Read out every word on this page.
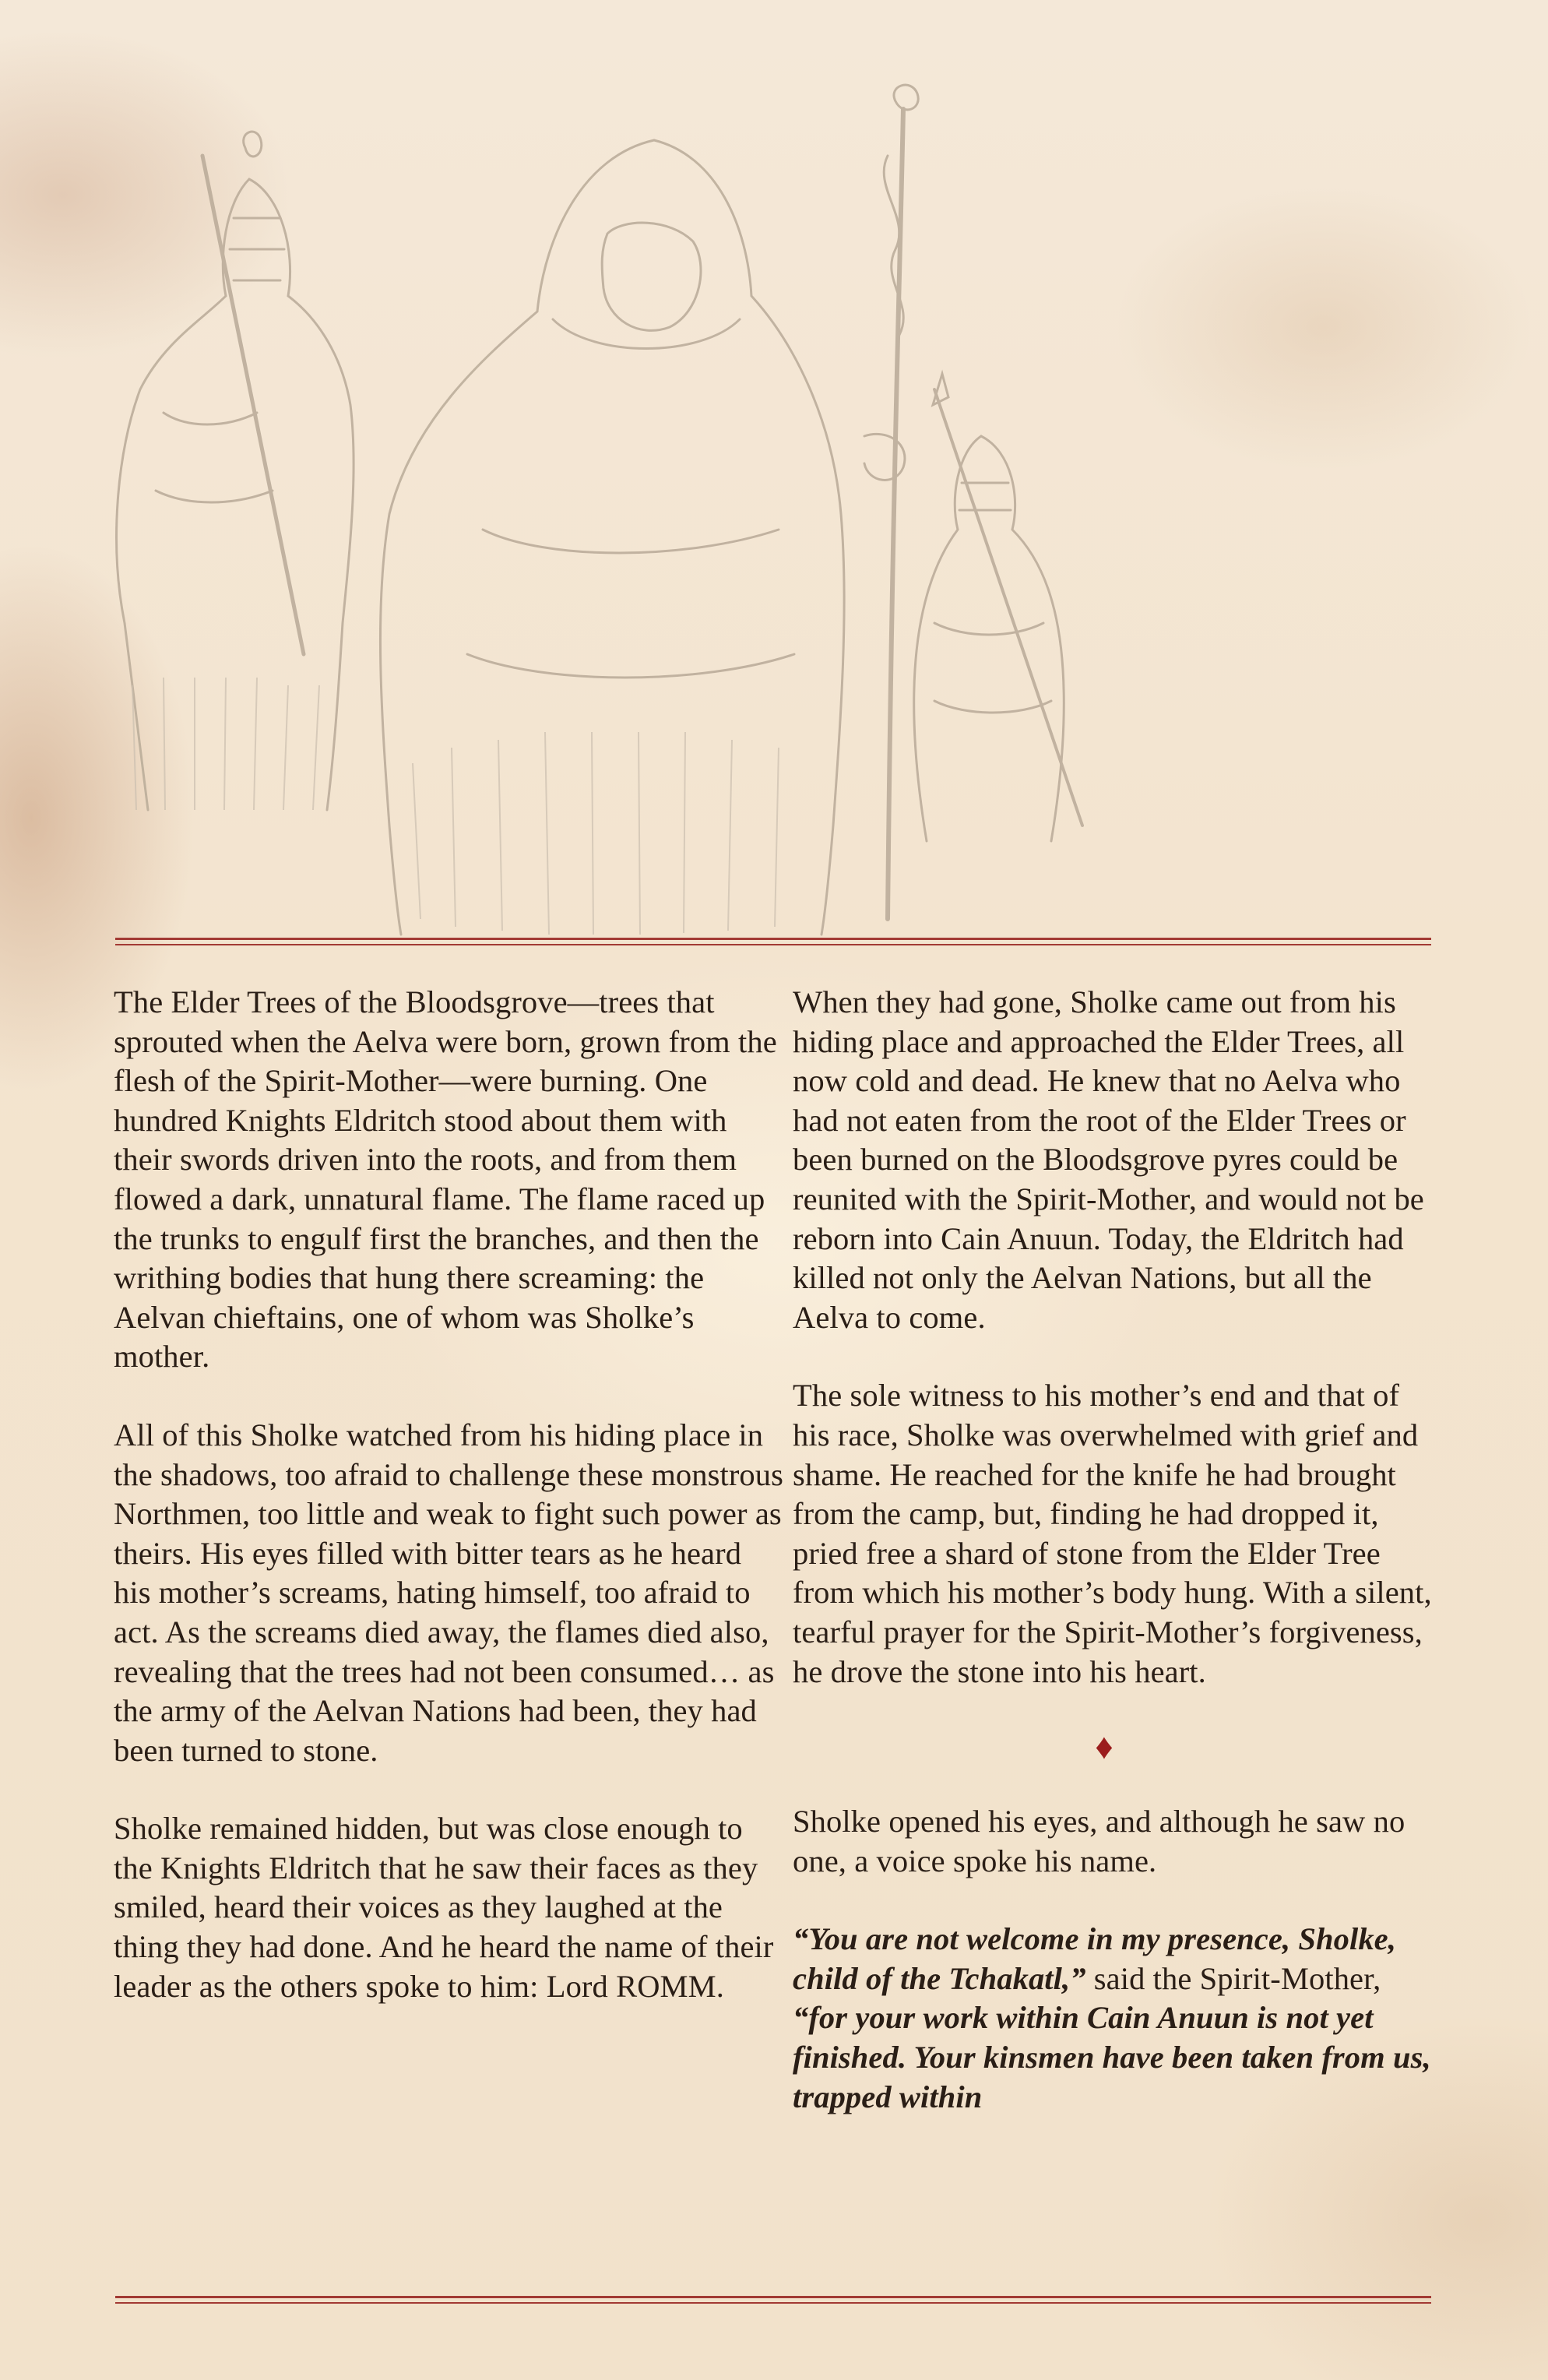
The Elder Trees of the Bloodsgrove—trees that sprouted when the Aelva were born, grown from the flesh of the Spirit-Mother—were burning. One hundred Knights Eldritch stood about them with their swords driven into the roots, and from them flowed a dark, unnatural flame. The flame raced up the trunks to engulf first the branches, and then the writhing bodies that hung there screaming: the Aelvan chieftains, one of whom was Sholke’s mother.

All of this Sholke watched from his hiding place in the shadows, too afraid to challenge these monstrous Northmen, too little and weak to fight such power as theirs. His eyes filled with bitter tears as he heard his mother’s screams, hating himself, too afraid to act. As the screams died away, the flames died also, revealing that the trees had not been consumed… as the army of the Aelvan Nations had been, they had been turned to stone.

Sholke remained hidden, but was close enough to the Knights Eldritch that he saw their faces as they smiled, heard their voices as they laughed at the thing they had done. And he heard the name of their leader as the others spoke to him: Lord ROMM.

When they had gone, Sholke came out from his hiding place and approached the Elder Trees, all now cold and dead. He knew that no Aelva who had not eaten from the root of the Elder Trees or been burned on the Bloodsgrove pyres could be reunited with the Spirit-Mother, and would not be reborn into Cain Anuun. Today, the Eldritch had killed not only the Aelvan Nations, but all the Aelva to come.

The sole witness to his mother’s end and that of his race, Sholke was overwhelmed with grief and shame. He reached for the knife he had brought from the camp, but, finding he had dropped it, pried free a shard of stone from the Elder Tree from which his mother’s body hung. With a silent, tearful prayer for the Spirit-Mother’s forgiveness, he drove the stone into his heart.

♦

Sholke opened his eyes, and although he saw no one, a voice spoke his name.

“You are not welcome in my presence, Sholke, child of the Tchakatl,” said the Spirit-Mother, “for your work within Cain Anuun is not yet finished. Your kinsmen have been taken from us, trapped within
